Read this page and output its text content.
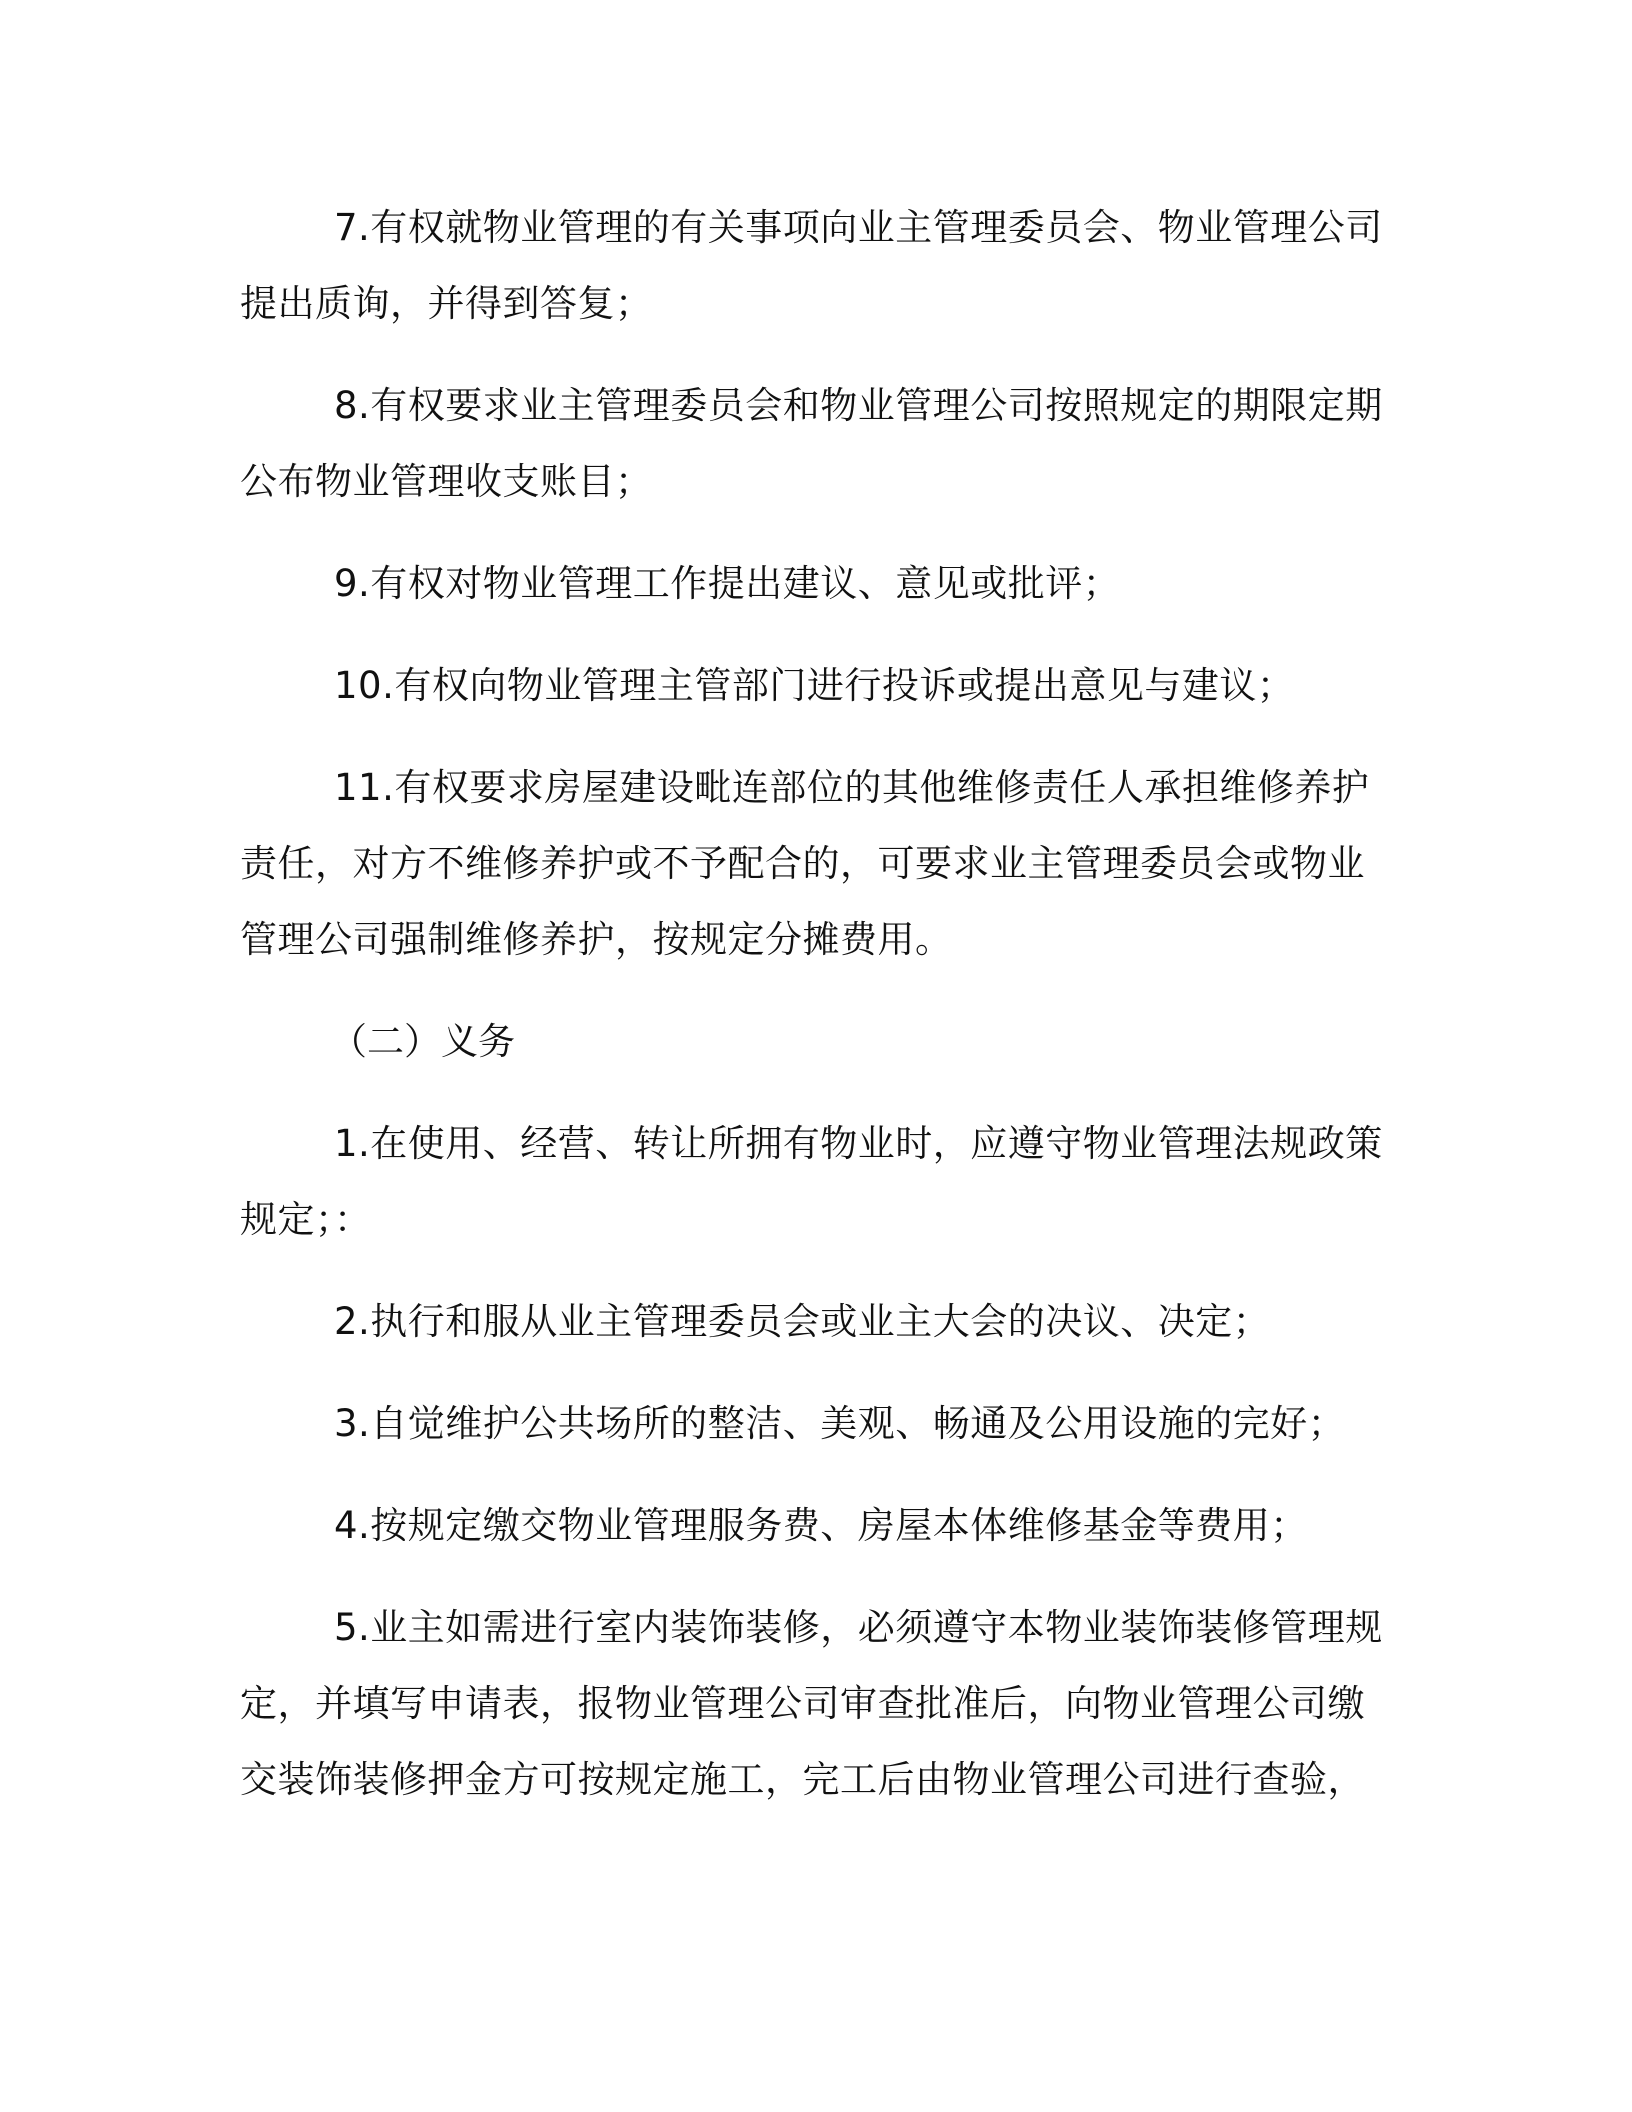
7.有权就物业管理的有关事项向业主管理委员会、物业管理公司
提出质询，并得到答复；
8.有权要求业主管理委员会和物业管理公司按照规定的期限定期
公布物业管理收支账目；
9.有权对物业管理工作提出建议、意见或批评；
10.有权向物业管理主管部门进行投诉或提出意见与建议；
11.有权要求房屋建设毗连部位的其他维修责任人承担维修养护
责任，对方不维修养护或不予配合的，可要求业主管理委员会或物业
管理公司强制维修养护，按规定分摊费用。
（二）义务
1.在使用、经营、转让所拥有物业时，应遵守物业管理法规政策
规定；：
2.执行和服从业主管理委员会或业主大会的决议、决定；
3.自觉维护公共场所的整洁、美观、畅通及公用设施的完好；
4.按规定缴交物业管理服务费、房屋本体维修基金等费用；
5.业主如需进行室内装饰装修，必须遵守本物业装饰装修管理规
定，并填写申请表，报物业管理公司审查批准后，向物业管理公司缴
交装饰装修押金方可按规定施工，完工后由物业管理公司进行查验，
